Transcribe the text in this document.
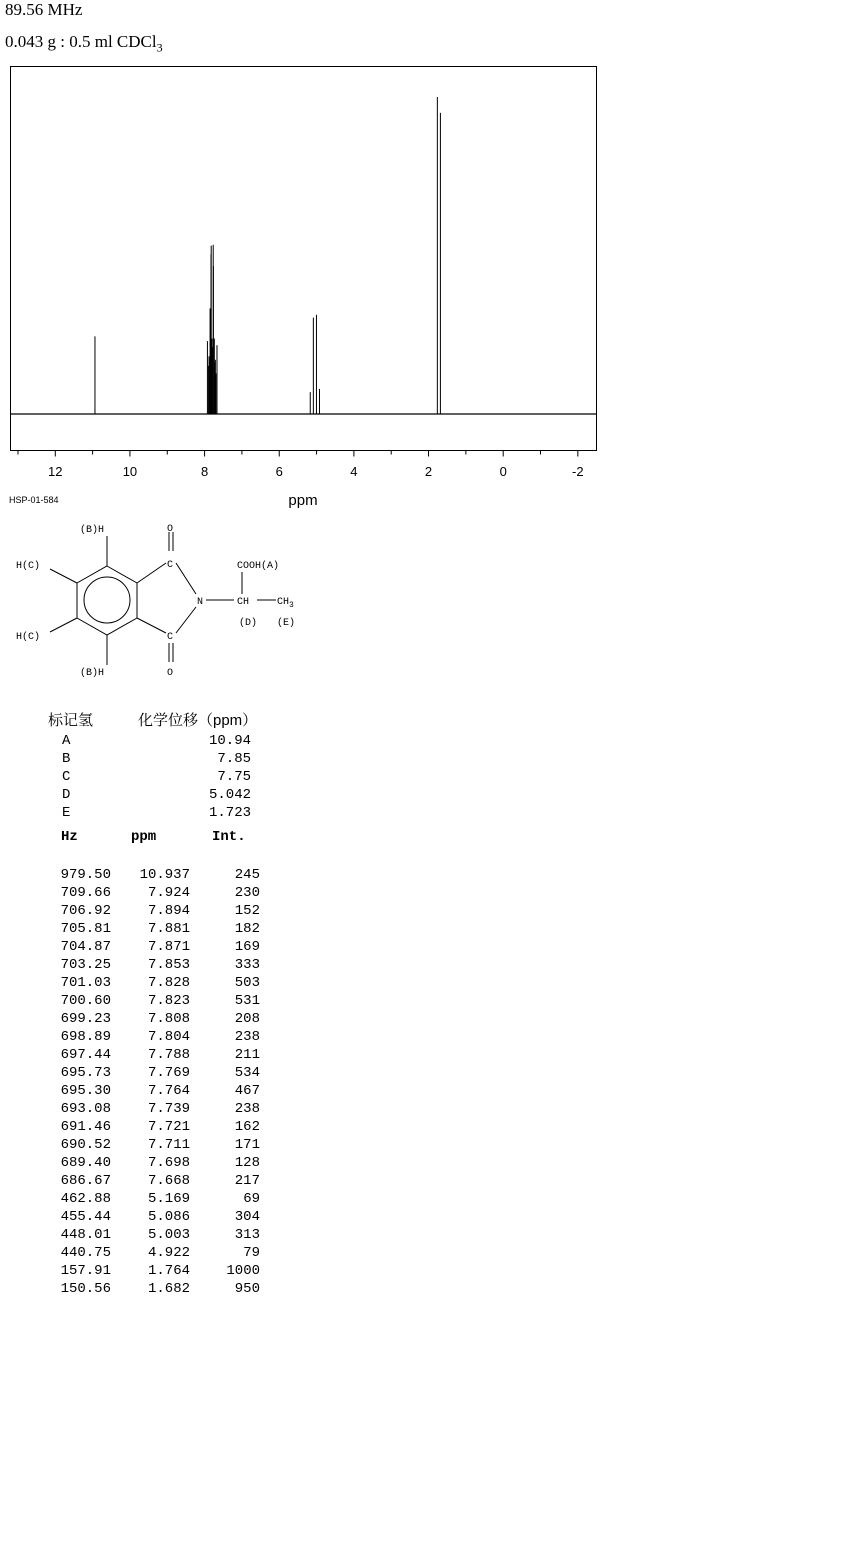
89.56 MHz
0.043 g : 0.5 ml CDCl$_3$
12	10	8	6	4	2	0	-2
ppm
HSP-01-584
(B)H
H(C)
H(C)
(B)H
O
O
C
C
N
COOH(A)
CH	$CH_3$
(D) (E)
标记氢	化学位移（ppm）
A	10.94
B	7.85
C	7.75
D	5.042
E	1.723
Hz	ppm	Int.
979.50 10.937	245
709.66	7.924	230
706.92	7.894	152
705.81	7.881	182
704.87	7.871	169
703.25	7.853	333
701.03	7.828	503
700.60	7.823	531
699.23	7.808	208
698.89	7.804	238
697.44	7.788	211
695.73	7.769	534
695.30	7.764	467
693.08	7.739	238
691.46	7.721	162
690.52	7.711	171
689.40	7.698	128
686.67	7.668	217
462.88	5.169	69
455.44	5.086	304
448.01	5.003	313
440.75	4.922	79
157.91	1.764	1000
150.56	1.682	950
